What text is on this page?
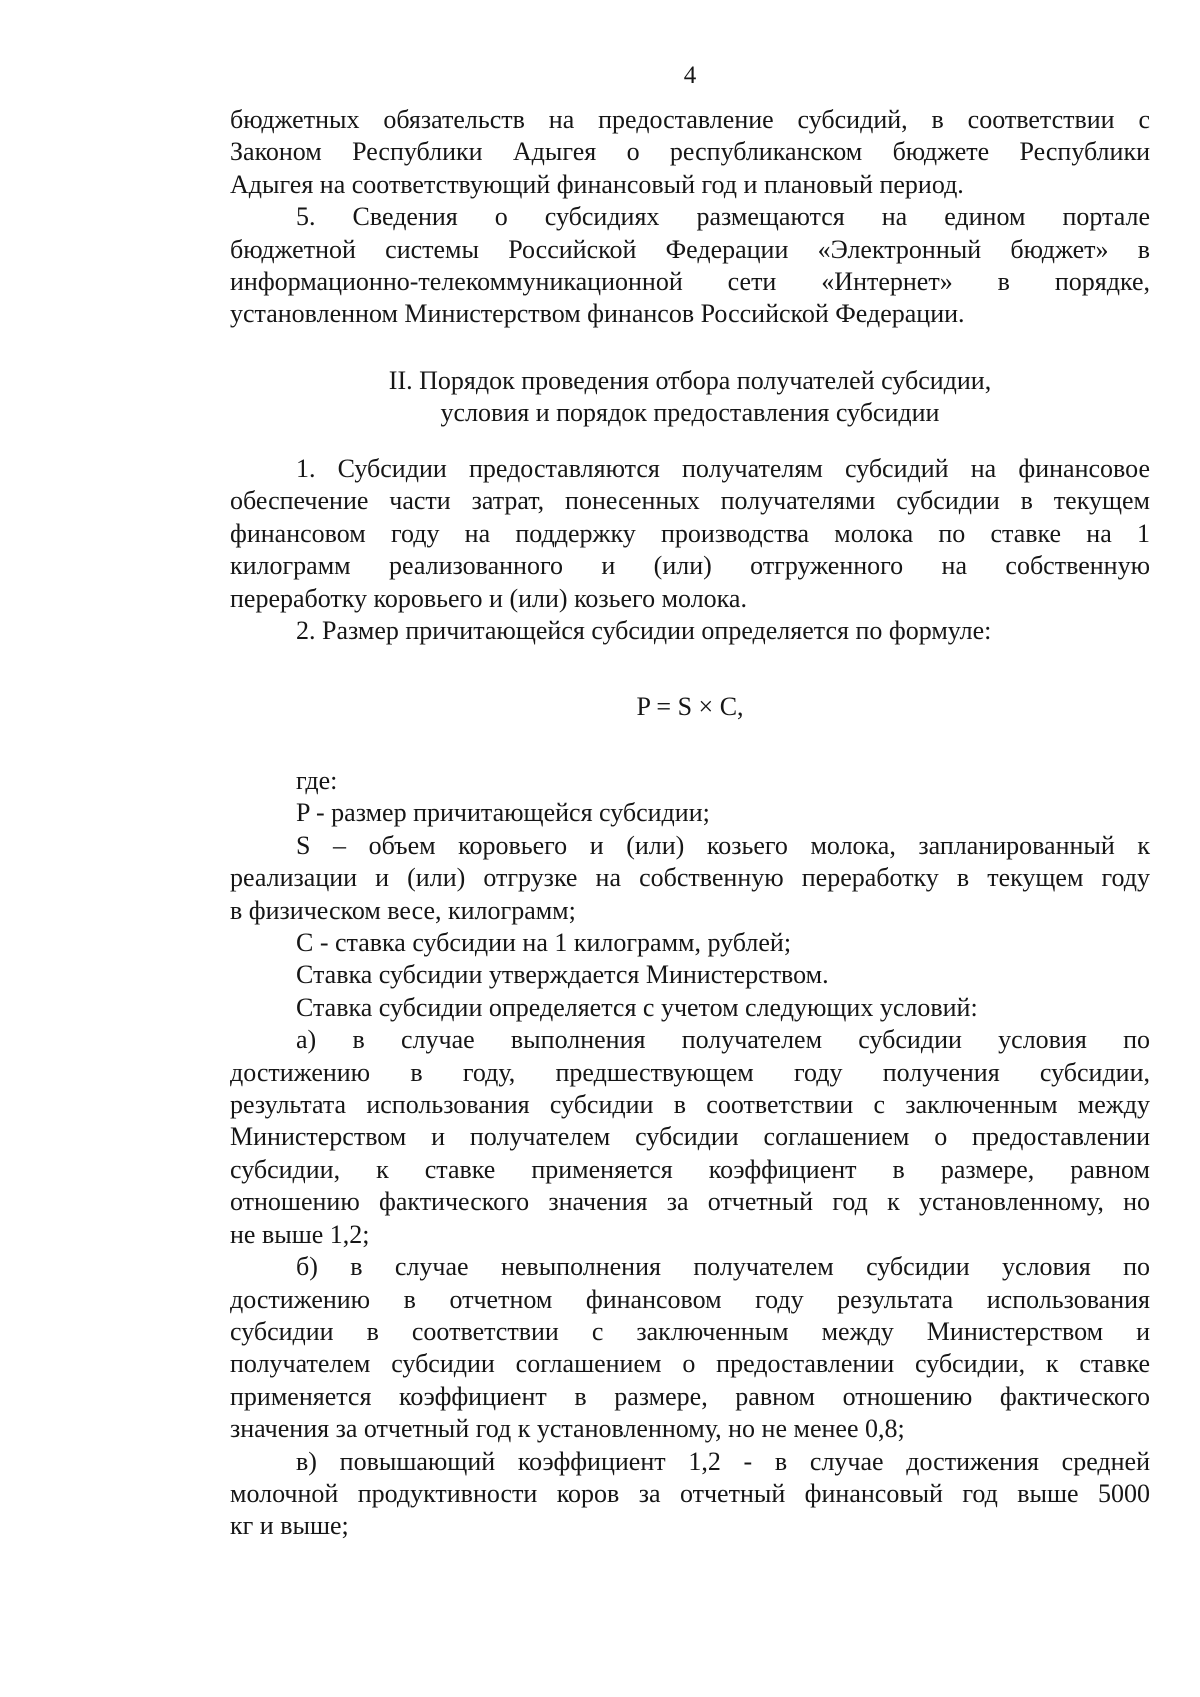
4

бюджетных обязательств на предоставление субсидий, в соответствии с

Законом Республики Адыгея о республиканском бюджете Республики

Адыгея на соответствующий финансовый год и плановый период.

5. Сведения о субсидиях размещаются на едином портале

бюджетной системы Российской Федерации «Электронный бюджет» в

информационно-телекоммуникационной сети «Интернет» в порядке,

установленном Министерством финансов Российской Федерации.

II. Порядок проведения отбора получателей субсидии,

условия и порядок предоставления субсидии

1. Субсидии предоставляются получателям субсидий на финансовое

обеспечение части затрат, понесенных получателями субсидии в текущем

финансовом году на поддержку производства молока по ставке на 1

килограмм реализованного и (или) отгруженного на собственную

переработку коровьего и (или) козьего молока.

2. Размер причитающейся субсидии определяется по формуле:

P = S × C,

где:

P - размер причитающейся субсидии;

S – объем коровьего и (или) козьего молока, запланированный к

реализации и (или) отгрузке на собственную переработку в текущем году

в физическом весе, килограмм;

C - ставка субсидии на 1 килограмм, рублей;

Ставка субсидии утверждается Министерством.

Ставка субсидии определяется с учетом следующих условий:

а) в случае выполнения получателем субсидии условия по

достижению в году, предшествующем году получения субсидии,

результата использования субсидии в соответствии с заключенным между

Министерством и получателем субсидии соглашением о предоставлении

субсидии, к ставке применяется коэффициент в размере, равном

отношению фактического значения за отчетный год к установленному, но

не выше 1,2;

б) в случае невыполнения получателем субсидии условия по

достижению в отчетном финансовом году результата использования

субсидии в соответствии с заключенным между Министерством и

получателем субсидии соглашением о предоставлении субсидии, к ставке

применяется коэффициент в размере, равном отношению фактического

значения за отчетный год к установленному, но не менее 0,8;

в) повышающий коэффициент 1,2 - в случае достижения средней

молочной продуктивности коров за отчетный финансовый год выше 5000

кг и выше;
